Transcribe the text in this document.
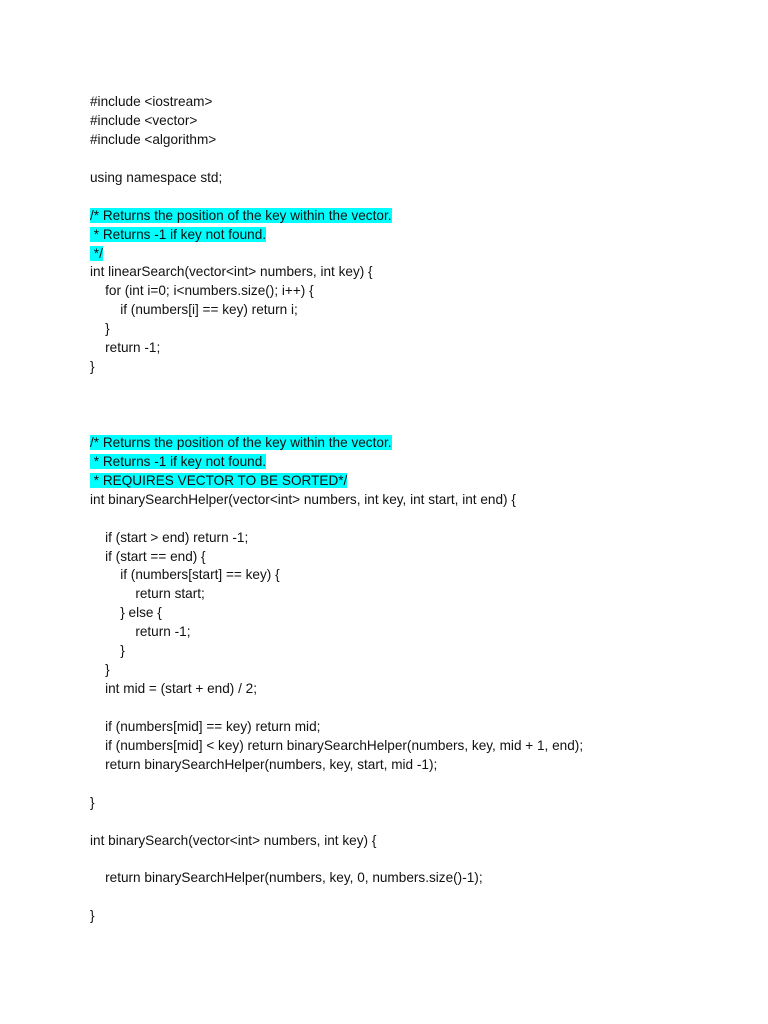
#include <iostream>
#include <vector>
#include <algorithm>
using namespace std;
/* Returns the position of the key within the vector.
* Returns -1 if key not found.
*/
int linearSearch(vector<int> numbers, int key) {
for (int i=0; i<numbers.size(); i++) {
if (numbers[i] == key) return i;
}
return -1;
}
/* Returns the position of the key within the vector.
* Returns -1 if key not found.
* REQUIRES VECTOR TO BE SORTED*/
int binarySearchHelper(vector<int> numbers, int key, int start, int end) {
if (start > end) return -1;
if (start == end) {
if (numbers[start] == key) {
return start;
} else {
return -1;
}
}
int mid = (start + end) / 2;
if (numbers[mid] == key) return mid;
if (numbers[mid] < key) return binarySearchHelper(numbers, key, mid + 1, end);
return binarySearchHelper(numbers, key, start, mid -1);
}
int binarySearch(vector<int> numbers, int key) {
return binarySearchHelper(numbers, key, 0, numbers.size()-1);
}
